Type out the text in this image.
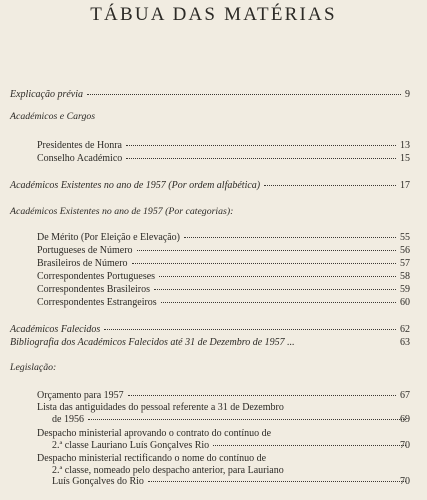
TÁBUA DAS MATÉRIAS
Explicação prévia	9
Académicos e Cargos
Presidentes de Honra	13
Conselho Académico	15
Académicos Existentes no ano de 1957 (Por ordem alfabética)	17
Académicos Existentes no ano de 1957 (Por categorias):
De Mérito (Por Eleição e Elevação)	55
Portugueses de Número	56
Brasileiros de Número	57
Correspondentes Portugueses	58
Correspondentes Brasileiros	59
Correspondentes Estrangeiros	60
Académicos Falecidos	62
Bibliografia dos Académicos Falecidos até 31 de Dezembro de 1957 ...	63
Legislação:
Orçamento para 1957	67
Lista das antiguidades do pessoal referente a 31 de Dezembro
de 1956	69
Despacho ministerial aprovando o contrato do contínuo de
2.ª classe Lauriano Luís Gonçalves Rio	70
Despacho ministerial rectificando o nome do contínuo de
2.ª classe, nomeado pelo despacho anterior, para Lauriano
Luís Gonçalves do Rio	70
